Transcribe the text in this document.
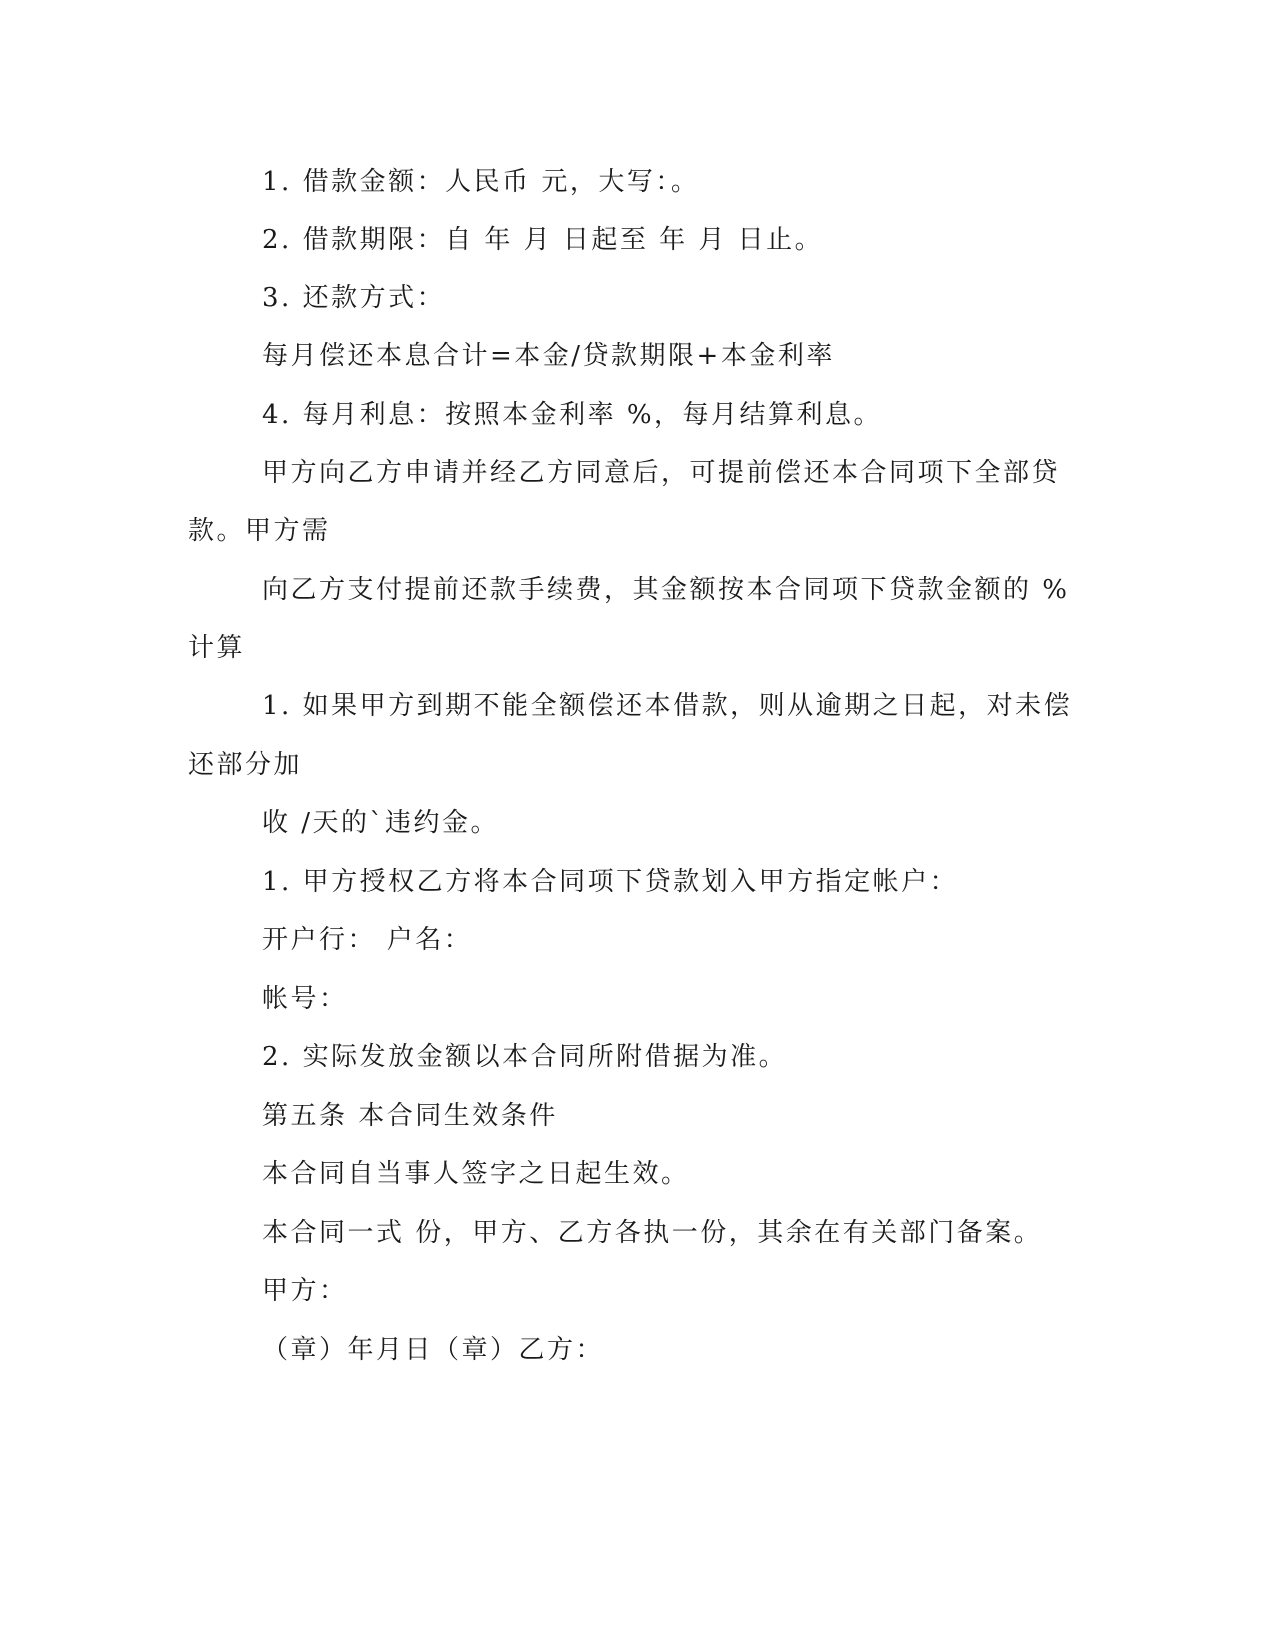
1. 借款金额：人民币 元，大写：。
2. 借款期限：自 年 月 日起至 年 月 日止。
3. 还款方式：
每月偿还本息合计=本金/贷款期限+本金利率
4. 每月利息：按照本金利率 %，每月结算利息。
甲方向乙方申请并经乙方同意后，可提前偿还本合同项下全部贷
款。甲方需
向乙方支付提前还款手续费，其金额按本合同项下贷款金额的 %
计算
1. 如果甲方到期不能全额偿还本借款，则从逾期之日起，对未偿
还部分加
收 /天的`违约金。
1. 甲方授权乙方将本合同项下贷款划入甲方指定帐户：
开户行： 户名：
帐号：
2. 实际发放金额以本合同所附借据为准。
第五条 本合同生效条件
本合同自当事人签字之日起生效。
本合同一式 份，甲方、乙方各执一份，其余在有关部门备案。
甲方：
（章）年月日（章）乙方：
